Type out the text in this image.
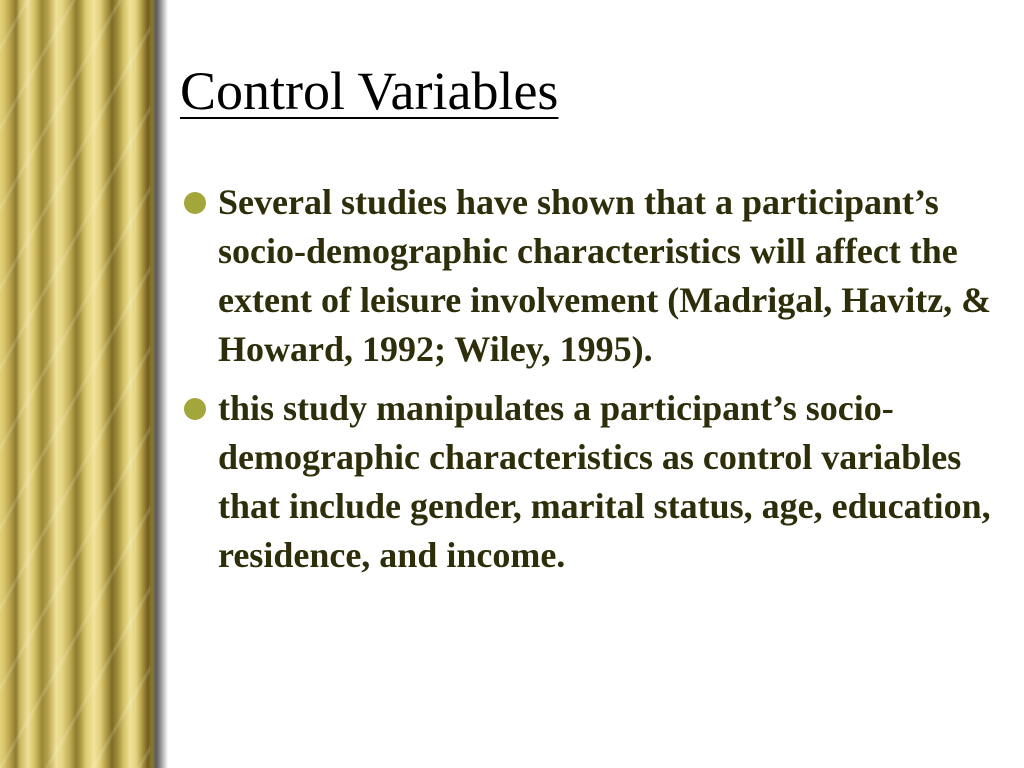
Control Variables
Several studies have shown that a participant’s socio-demographic characteristics will affect the extent of leisure involvement (Madrigal, Havitz, & Howard, 1992; Wiley, 1995).
this study manipulates a participant’s socio-demographic characteristics as control variables that include gender, marital status, age, education, residence, and income.
